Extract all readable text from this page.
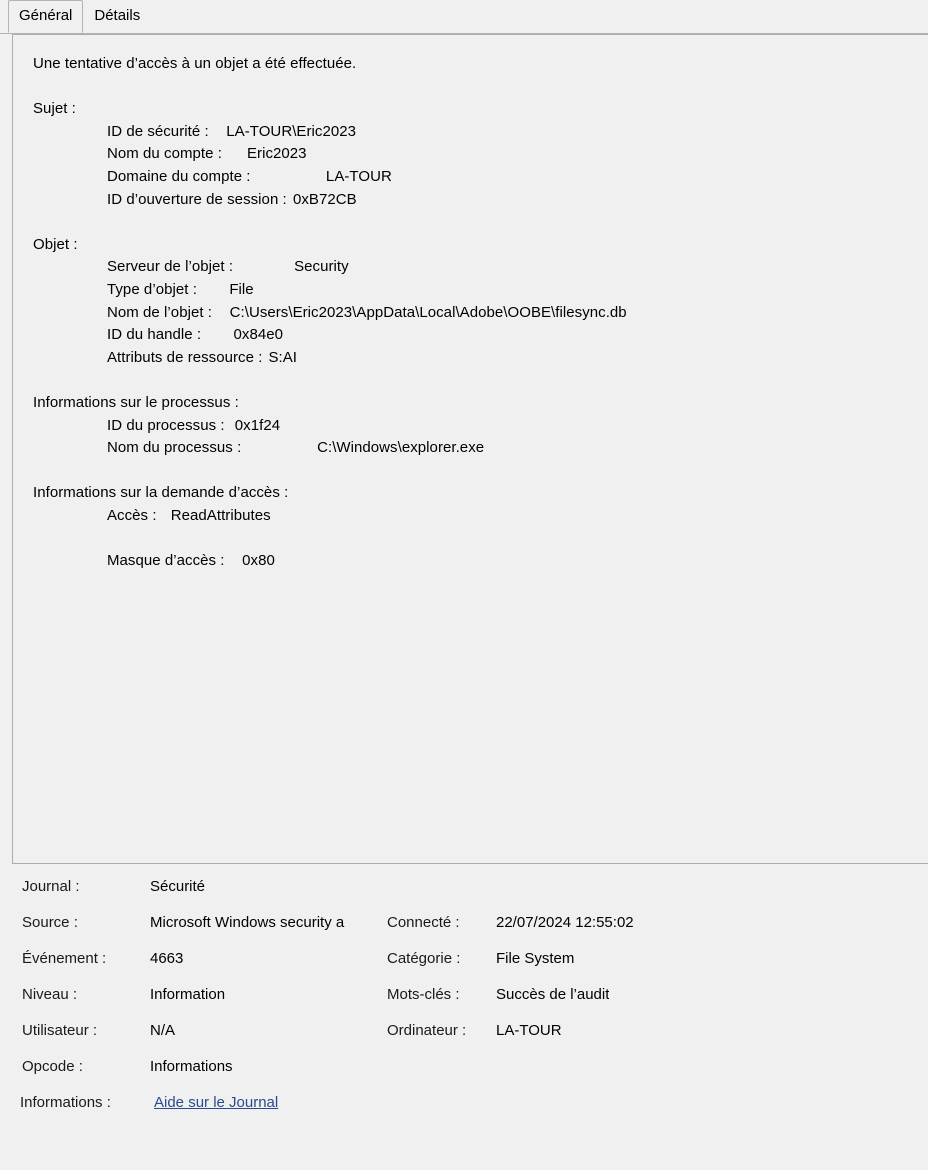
Général Détails
Une tentative d’accès à un objet a été effectuée.
Sujet :
ID de sécurité : LA-TOUR\Eric2023
Nom du compte : Eric2023
Domaine du compte :	LA-TOUR
ID d’ouverture de session : 0xB72CB
Objet :
Serveur de l’objet :	Security
Type d’objet : File
Nom de l’objet : C:\Users\Eric2023\AppData\Local\Adobe\OOBE\filesync.db
ID du handle : 0x84e0
Attributs de ressource : S:AI
Informations sur le processus :
ID du processus : 0x1f24
Nom du processus :	C:\Windows\explorer.exe
Informations sur la demande d’accès :
Accès : ReadAttributes
Masque d’accès : 0x80
Journal :	Sécurité
Source :	Microsoft Windows security a	Connecté : 22/07/2024 12:55:02
Événement :	4663	Catégorie : File System
Niveau :	Information	Mots-clés : Succès de l’audit
Utilisateur :	N/A	Ordinateur : LA-TOUR
Opcode :	Informations
Informations :	Aide sur le Journal
